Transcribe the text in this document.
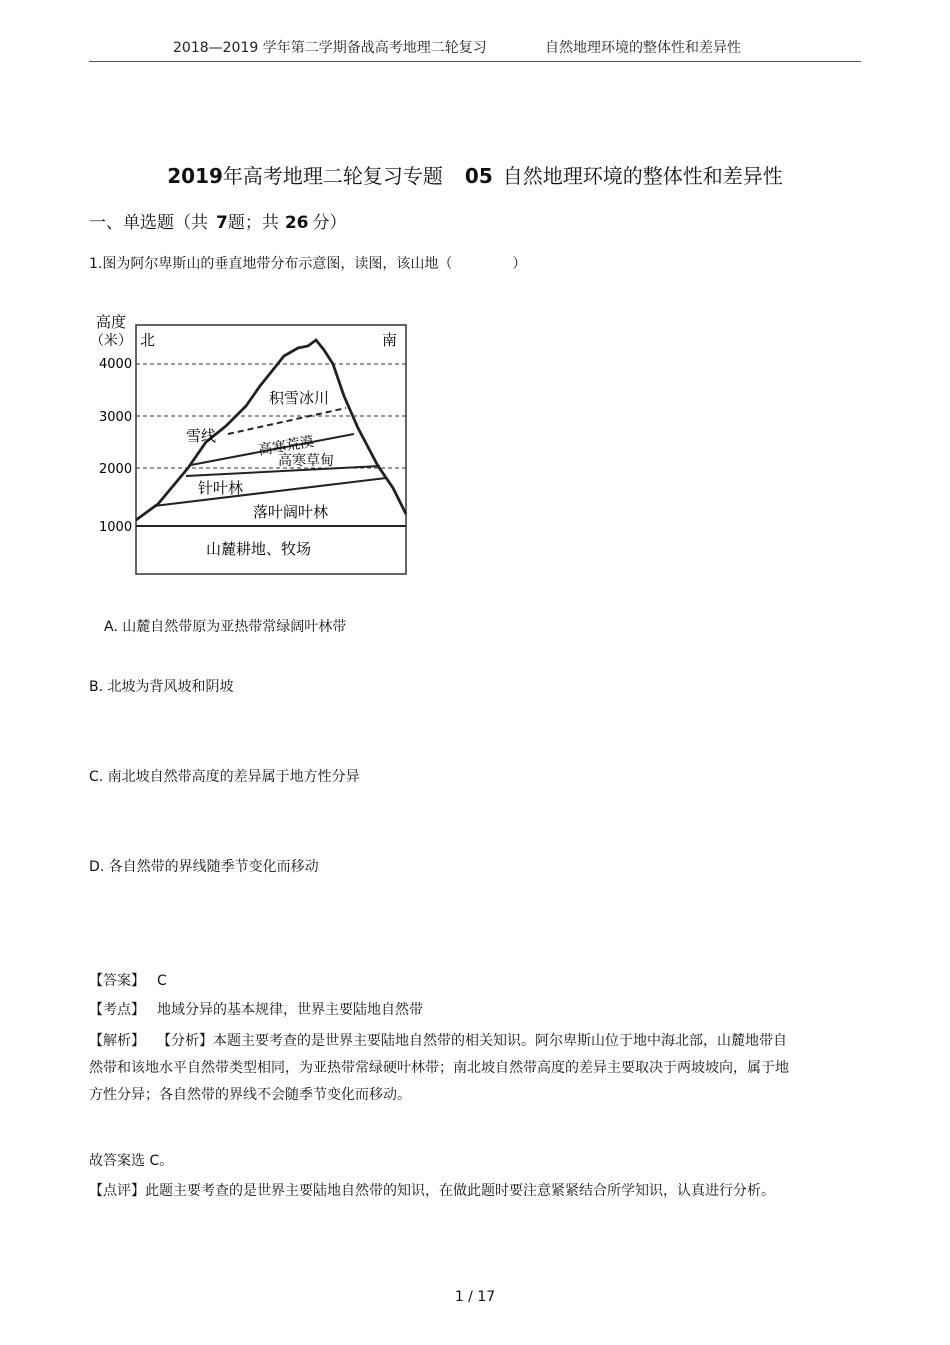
2018—2019 学年第二学期备战高考地理二轮复习	自然地理环境的整体性和差异性
2019年高考地理二轮复习专题 05 自然地理环境的整体性和差异性
一、单选题（共 7题；共 26 分）
1.图为阿尔卑斯山的垂直地带分布示意图，读图，该山地（	）
高度
（米） 北	南
4000
3000
2000
1000
积雪冰川
雪线	高寒荒漠
高寒草甸
针叶林
落叶阔叶林
山麓耕地、牧场
A. 山麓自然带原为亚热带常绿阔叶林带
B. 北坡为背风坡和阴坡
C. 南北坡自然带高度的差异属于地方性分异
D. 各自然带的界线随季节变化而移动
【答案】 C
【考点】 地域分异的基本规律，世界主要陆地自然带
【解析】 【分析】本题主要考查的是世界主要陆地自然带的相关知识。阿尔卑斯山位于地中海北部，山麓地带自然带和该地水平自然带类型相同，为亚热带常绿硬叶林带；南北坡自然带高度的差异主要取决于两坡坡向，属于地方性分异；各自然带的界线不会随季节变化而移动。
故答案选 C。
【点评】此题主要考查的是世界主要陆地自然带的知识，在做此题时要注意紧紧结合所学知识，认真进行分析。
1 / 17
